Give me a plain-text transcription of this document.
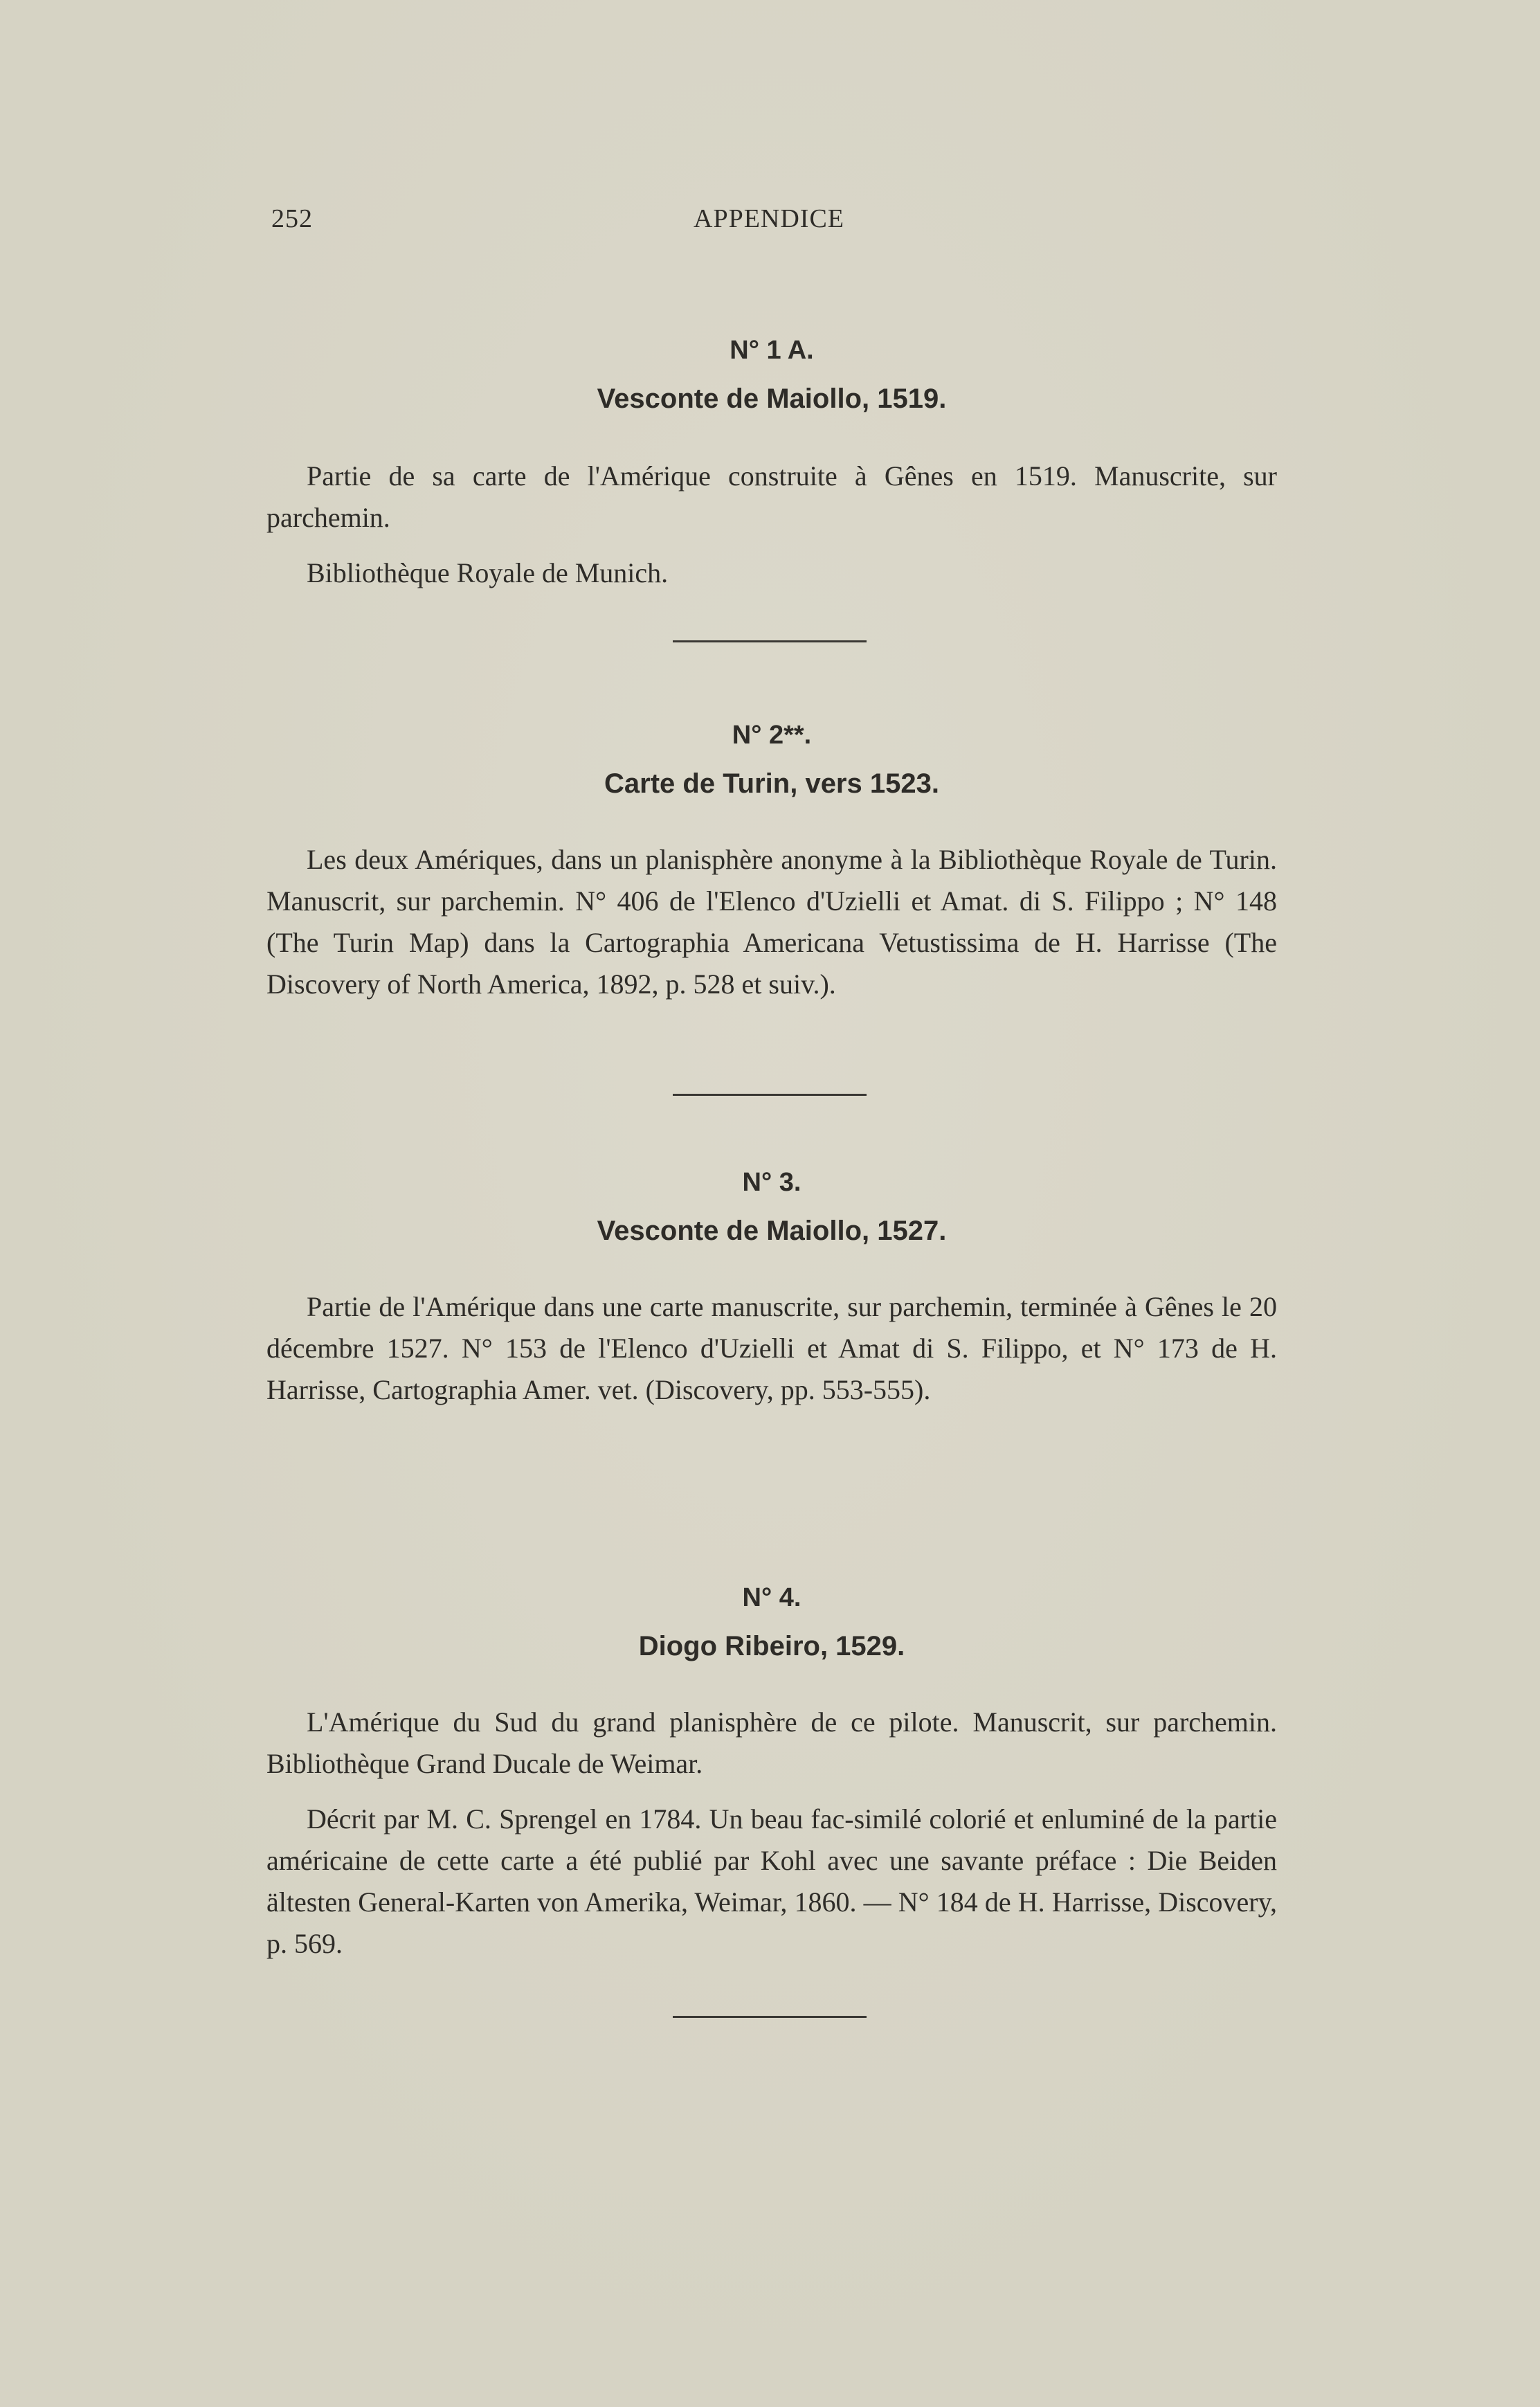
252	APPENDICE

N° 1 A.

Vesconte de Maiollo, 1519.

Partie de sa carte de l'Amérique construite à Gênes en 1519. Manuscrite, sur parchemin.

Bibliothèque Royale de Munich.

N° 2**.

Carte de Turin, vers 1523.

Les deux Amériques, dans un planisphère anonyme à la Bibliothèque Royale de Turin. Manuscrit, sur parchemin. N° 406 de l'Elenco d'Uzielli et Amat. di S. Filippo ; N° 148 (The Turin Map) dans la Cartographia Americana Vetustissima de H. Harrisse (The Discovery of North America, 1892, p. 528 et suiv.).

N° 3.

Vesconte de Maiollo, 1527.

Partie de l'Amérique dans une carte manuscrite, sur parchemin, terminée à Gênes le 20 décembre 1527. N° 153 de l'Elenco d'Uzielli et Amat di S. Filippo, et N° 173 de H. Harrisse, Cartographia Amer. vet. (Discovery, pp. 553-555).

N° 4.

Diogo Ribeiro, 1529.

L'Amérique du Sud du grand planisphère de ce pilote. Manuscrit, sur parchemin. Bibliothèque Grand Ducale de Weimar.

Décrit par M. C. Sprengel en 1784. Un beau fac-similé colorié et enluminé de la partie américaine de cette carte a été publié par Kohl avec une savante préface : Die Beiden ältesten General-Karten von Amerika, Weimar, 1860. — N° 184 de H. Harrisse, Discovery, p. 569.
